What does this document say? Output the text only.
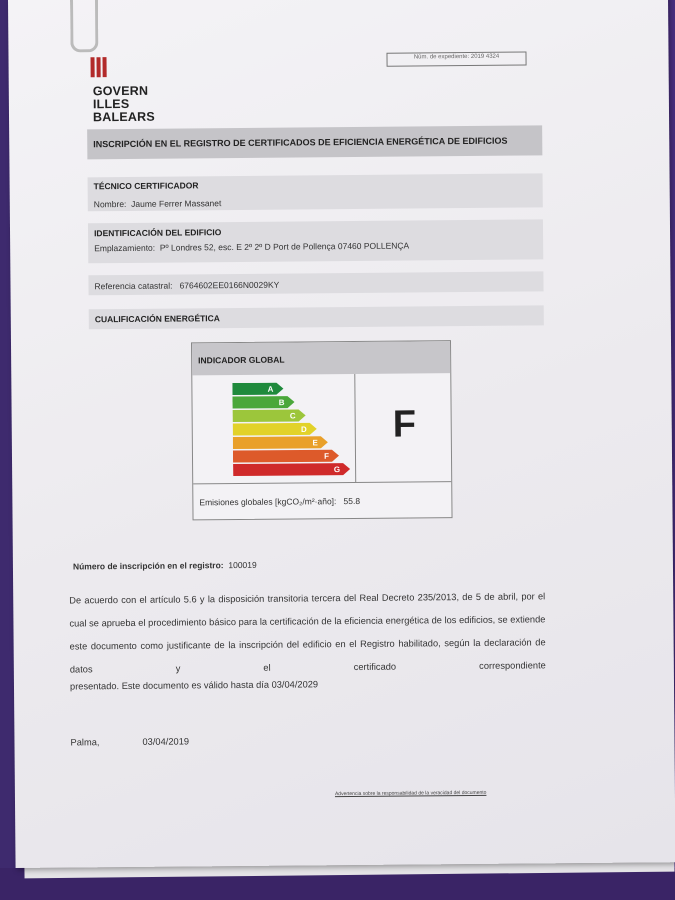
GOVERN
ILLES
BALEARS
Núm. de expediente: 2019 4324
INSCRIPCIÓN EN EL REGISTRO DE CERTIFICADOS DE EFICIENCIA ENERGÉTICA DE EDIFICIOS
TÉCNICO CERTIFICADOR
Nombre: Jaume Ferrer Massanet
IDENTIFICACIÓN DEL EDIFICIO
Emplazamiento: Pº Londres 52, esc. E 2º 2º D Port de Pollença 07460 POLLENÇA
Referencia catastral: 6764602EE0166N0029KY
CUALIFICACIÓN ENERGÉTICA
INDICADOR GLOBAL
A
B
C
D
E
F
G
F
Emisiones globales [kgCO₂/m²·año]: 55.8
Número de inscripción en el registro: 100019
De acuerdo con el artículo 5.6 y la disposición transitoria tercera del Real Decreto 235/2013, de 5 de abril, por el cual se aprueba el procedimiento básico para la certificación de la eficiencia energética de los edificios, se extiende este documento como justificante de la inscripción del edificio en el Registro habilitado, según la declaración de datos y el certificado correspondiente
presentado. Este documento es válido hasta día 03/04/2029
Palma,	03/04/2019
Advertencia sobre la responsabilidad de la veracidad del documento
